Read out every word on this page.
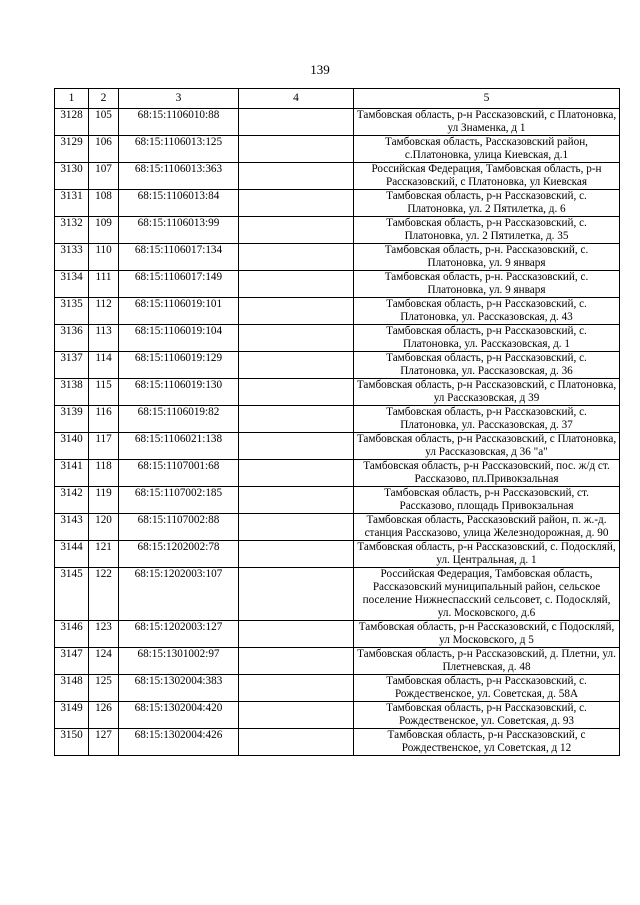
139
1	2	3	4	5
3128	105	68:15:1106010:88		Тамбовская область, р-н Рассказовский, с Платоновка, ул Знаменка, д 1
3129	106	68:15:1106013:125		Тамбовская область, Рассказовский район, с.Платоновка, улица Киевская, д.1
3130	107	68:15:1106013:363		Российская Федерация, Тамбовская область, р-н Рассказовский, с Платоновка, ул Киевская
3131	108	68:15:1106013:84		Тамбовская область, р-н Рассказовский, с. Платоновка, ул. 2 Пятилетка, д. 6
3132	109	68:15:1106013:99		Тамбовская область, р-н Рассказовский, с. Платоновка, ул. 2 Пятилетка, д. 35
3133	110	68:15:1106017:134		Тамбовская область, р-н. Рассказовский, с. Платоновка, ул. 9 января
3134	111	68:15:1106017:149		Тамбовская область, р-н. Рассказовский, с. Платоновка, ул. 9 января
3135	112	68:15:1106019:101		Тамбовская область, р-н Рассказовский, с. Платоновка, ул. Рассказовская, д. 43
3136	113	68:15:1106019:104		Тамбовская область, р-н Рассказовский, с. Платоновка, ул. Рассказовская, д. 1
3137	114	68:15:1106019:129		Тамбовская область, р-н Рассказовский, с. Платоновка, ул. Рассказовская, д. 36
3138	115	68:15:1106019:130		Тамбовская область, р-н Рассказовский, с Платоновка, ул Рассказовская, д 39
3139	116	68:15:1106019:82		Тамбовская область, р-н Рассказовский, с. Платоновка, ул. Рассказовская, д. 37
3140	117	68:15:1106021:138		Тамбовская область, р-н Рассказовский, с Платоновка, ул Рассказовская, д 36 "а"
3141	118	68:15:1107001:68		Тамбовская область, р-н Рассказовский, пос. ж/д ст. Рассказово, пл.Привокзальная
3142	119	68:15:1107002:185		Тамбовская область, р-н Рассказовский, ст. Рассказово, площадь Привокзальная
3143	120	68:15:1107002:88		Тамбовская область, Рассказовский район, п. ж.-д. станция Рассказово, улица Железнодорожная, д. 90
3144	121	68:15:1202002:78		Тамбовская область, р-н Рассказовский, с. Подоскляй, ул. Центральная, д. 1
3145	122	68:15:1202003:107		Российская Федерация, Тамбовская область, Рассказовский муниципальный район, сельское поселение Нижнеспасский сельсовет, с. Подоскляй, ул. Московского, д.6
3146	123	68:15:1202003:127		Тамбовская область, р-н Рассказовский, с Подоскляй, ул Московского, д 5
3147	124	68:15:1301002:97		Тамбовская область, р-н Рассказовский, д. Плетни, ул. Плетневская, д. 48
3148	125	68:15:1302004:383		Тамбовская область, р-н Рассказовский, с. Рождественское, ул. Советская, д. 58А
3149	126	68:15:1302004:420		Тамбовская область, р-н Рассказовский, с. Рождественское, ул. Советская, д. 93
3150	127	68:15:1302004:426		Тамбовская область, р-н Рассказовский, с Рождественское, ул Советская, д 12
